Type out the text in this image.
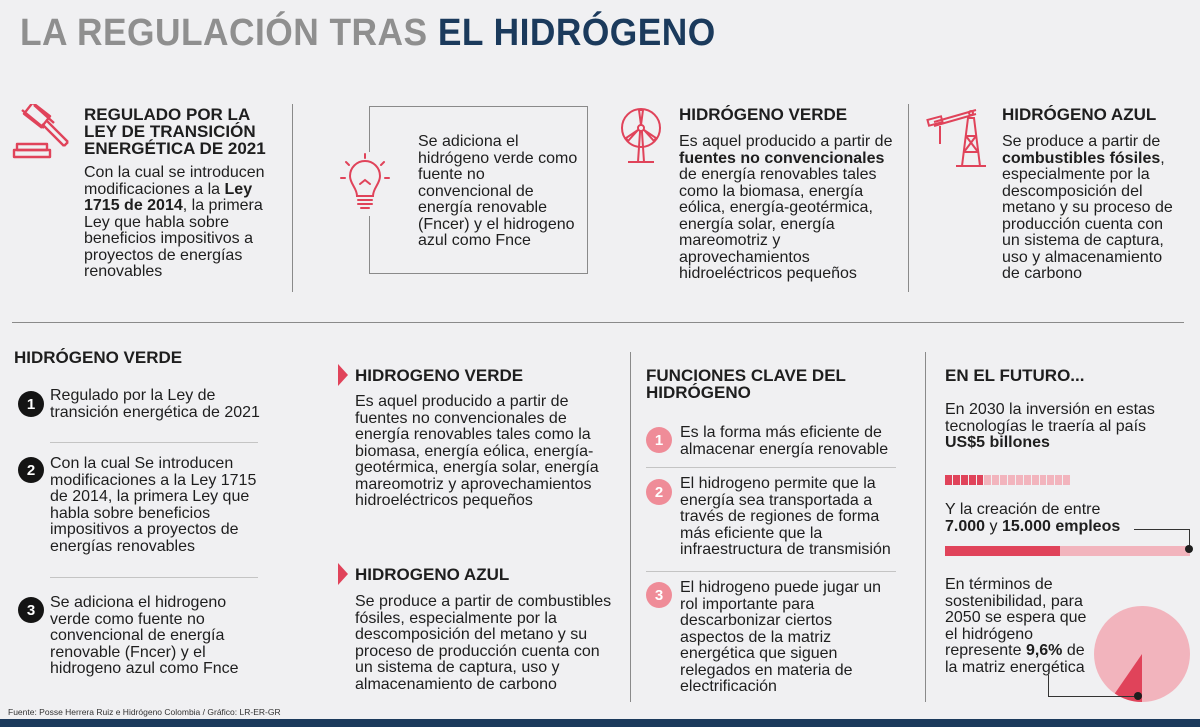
LA REGULACIÓN TRAS EL HIDRÓGENO
REGULADO POR LA LEY DE TRANSICIÓN ENERGÉTICA DE 2021
Con la cual se introducen modificaciones a la Ley 1715 de 2014, la primera Ley que habla sobre beneficios impositivos a proyectos de energías renovables
Se adiciona el hidrógeno verde como fuente no convencional de energía renovable (Fncer) y el hidrogeno azul como Fnce
HIDRÓGENO VERDE
Es aquel producido a partir de fuentes no convencionales de energía renovables tales como la biomasa, energía eólica, energía-geotérmica, energía solar, energía mareomotriz y aprovechamientos hidroeléctricos pequeños
HIDRÓGENO AZUL
Se produce a partir de combustibles fósiles, especialmente por la descomposición del metano y su proceso de producción cuenta con un sistema de captura, uso y almacenamiento de carbono
HIDRÓGENO VERDE
1 Regulado por la Ley de transición energética de 2021
2 Con la cual Se introducen modificaciones a la Ley 1715 de 2014, la primera Ley que habla sobre beneficios impositivos a proyectos de energías renovables
3 Se adiciona el hidrogeno verde como fuente no convencional de energía renovable (Fncer) y el hidrogeno azul como Fnce
HIDROGENO VERDE
Es aquel producido a partir de fuentes no convencionales de energía renovables tales como la biomasa, energía eólica, energía-geotérmica, energía solar, energía mareomotriz y aprovechamientos hidroeléctricos pequeños
HIDROGENO AZUL
Se produce a partir de combustibles fósiles, especialmente por la descomposición del metano y su proceso de producción cuenta con un sistema de captura, uso y almacenamiento de carbono
FUNCIONES CLAVE DEL HIDRÓGENO
1	Es la forma más eficiente de almacenar energía renovable
2	El hidrogeno permite que la energía sea transportada a través de regiones de forma más eficiente que la infraestructura de transmisión
3	El hidrogeno puede jugar un rol importante para descarbonizar ciertos aspectos de la matriz energética que siguen relegados en materia de electrificación
EN EL FUTURO...
En 2030 la inversión en estas tecnologías le traería al país US$5 billones
Y la creación de entre
7.000 y 15.000 empleos
En términos de sostenibilidad, para 2050 se espera que el hidrógeno represente 9,6% de la matriz energética
Fuente: Posse Herrera Ruiz e Hidrógeno Colombia / Gráfico: LR-ER-GR
